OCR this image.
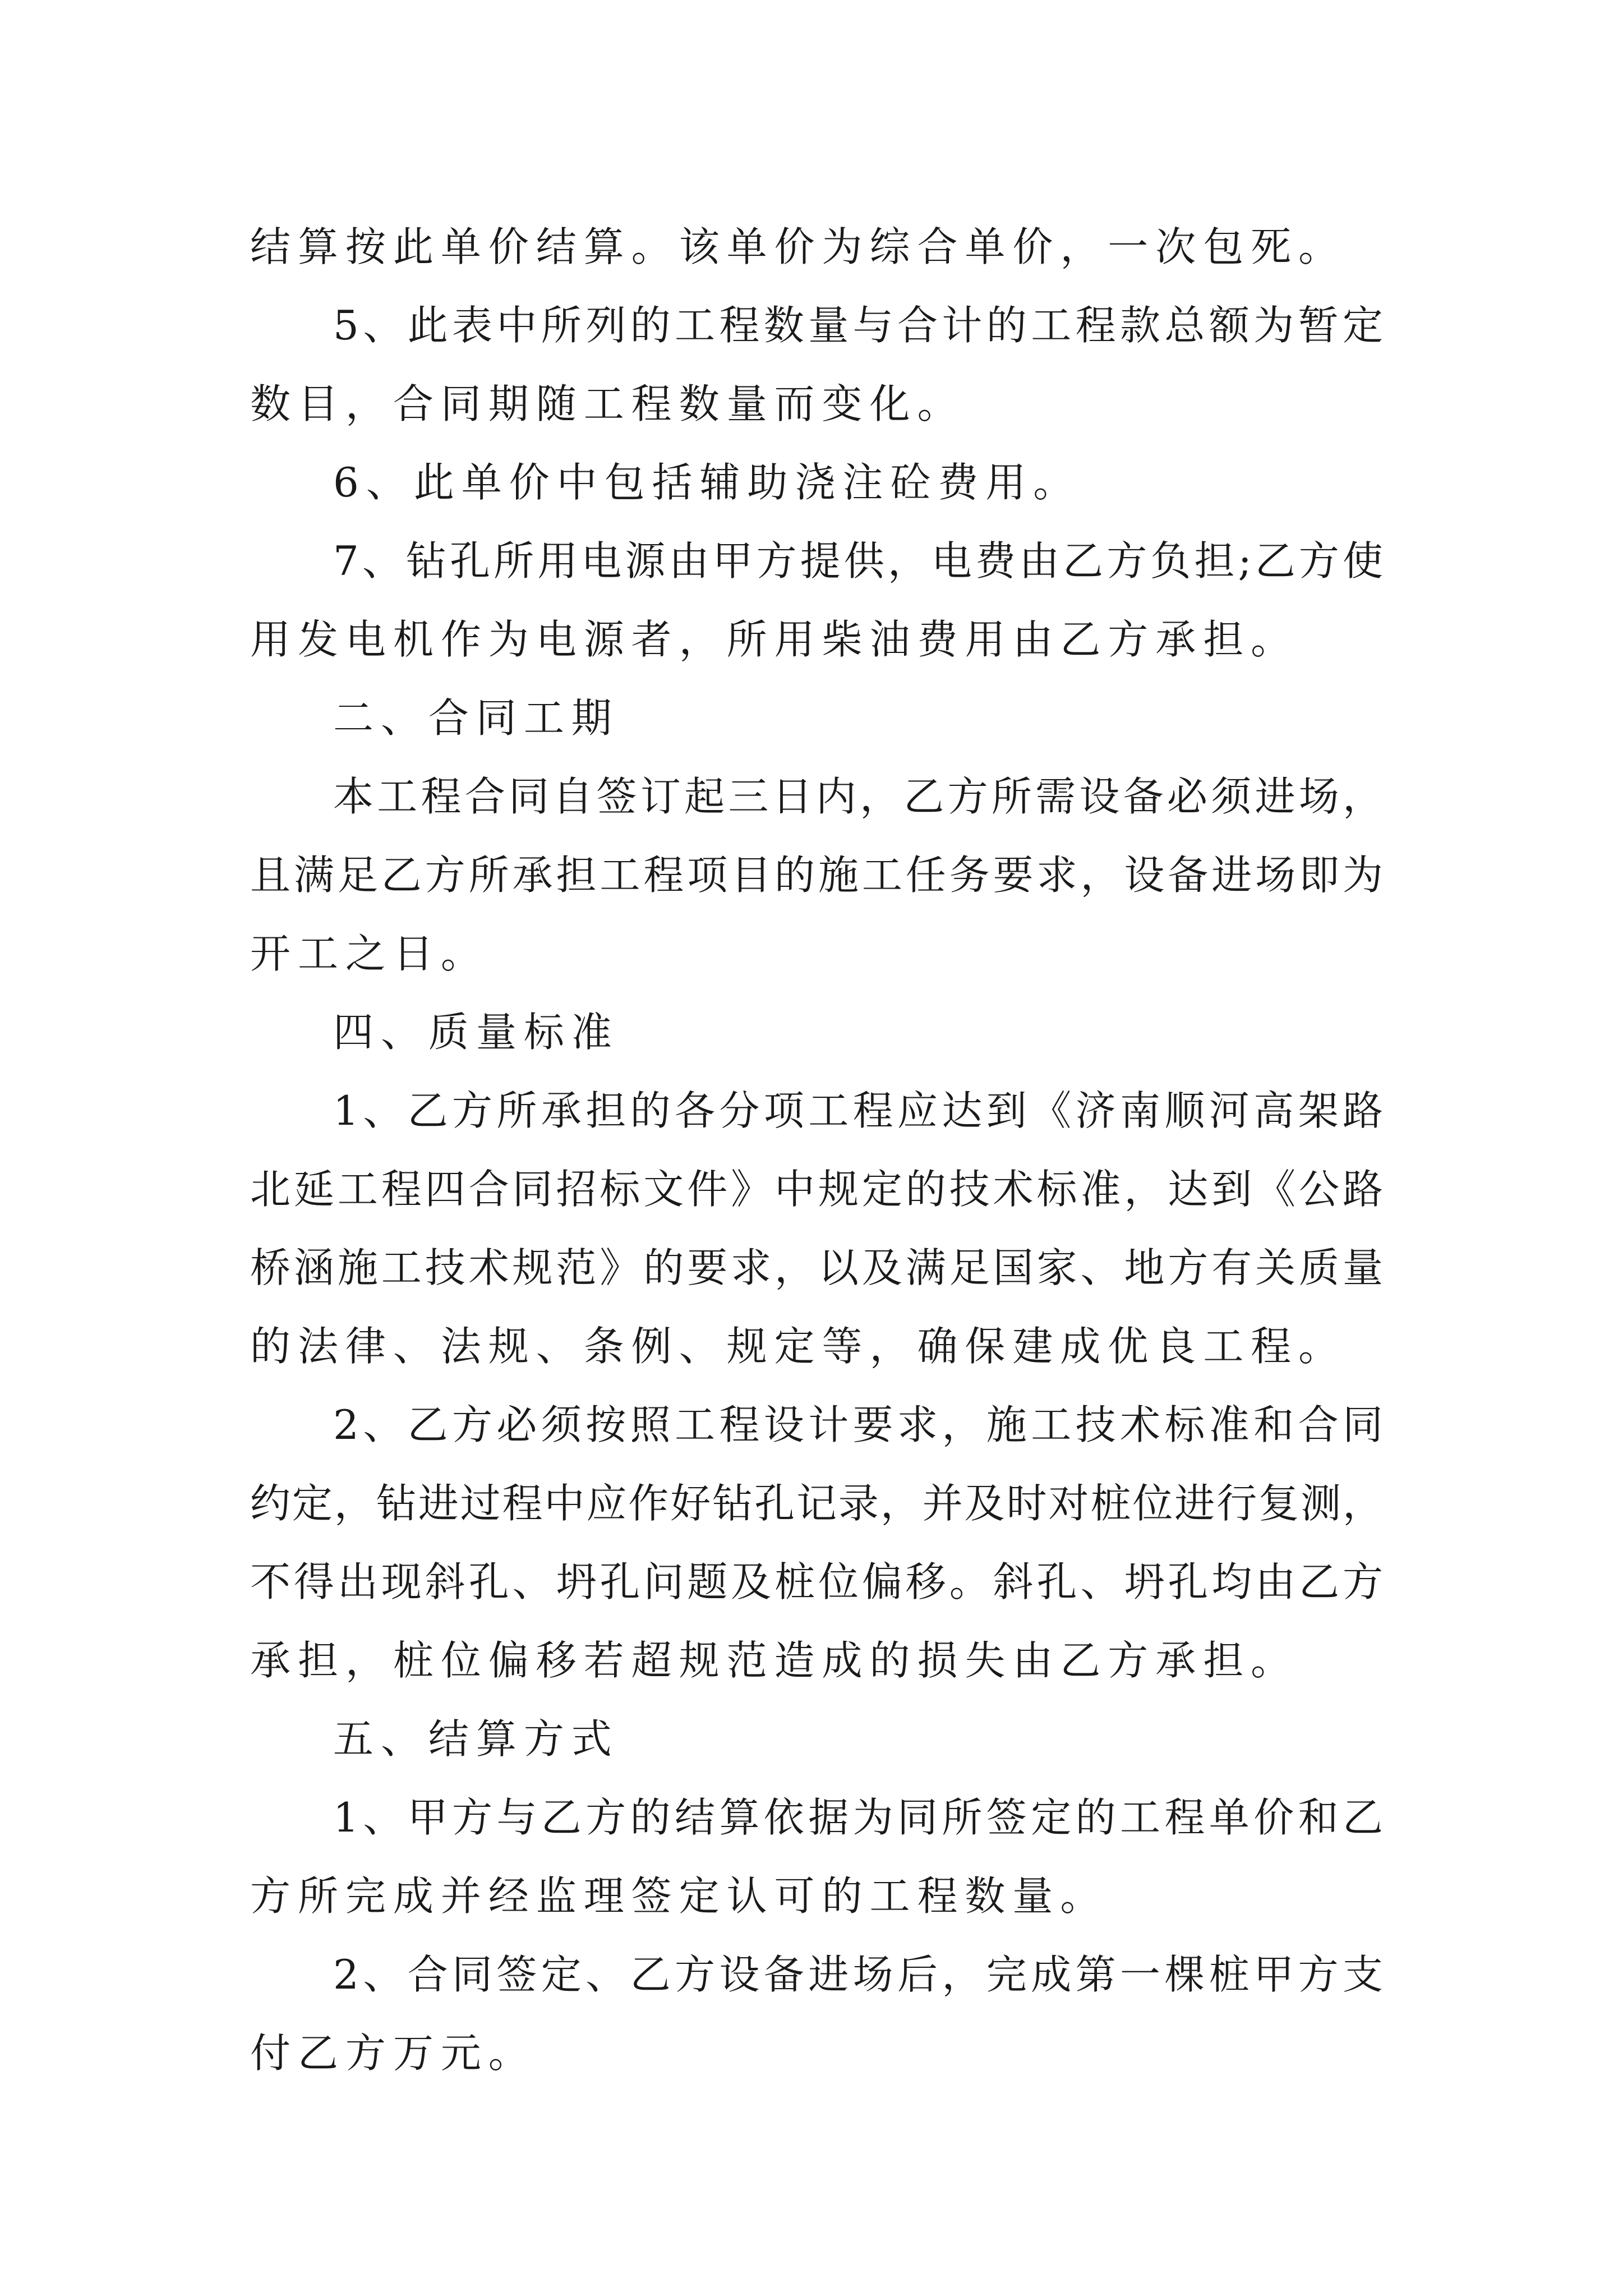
结算按此单价结算。该单价为综合单价，一次包死。
5、此表中所列的工程数量与合计的工程款总额为暂定
数目，合同期随工程数量而变化。
6、此单价中包括辅助浇注砼费用。
7、钻孔所用电源由甲方提供，电费由乙方负担;乙方使
用发电机作为电源者，所用柴油费用由乙方承担。
二、合同工期
本工程合同自签订起三日内，乙方所需设备必须进场，
且满足乙方所承担工程项目的施工任务要求，设备进场即为
开工之日。
四、质量标准
1、乙方所承担的各分项工程应达到《济南顺河高架路
北延工程四合同招标文件》中规定的技术标准，达到《公路
桥涵施工技术规范》的要求，以及满足国家、地方有关质量
的法律、法规、条例、规定等，确保建成优良工程。
2、乙方必须按照工程设计要求，施工技术标准和合同
约定，钻进过程中应作好钻孔记录，并及时对桩位进行复测，
不得出现斜孔、坍孔问题及桩位偏移。斜孔、坍孔均由乙方
承担，桩位偏移若超规范造成的损失由乙方承担。
五、结算方式
1、甲方与乙方的结算依据为同所签定的工程单价和乙
方所完成并经监理签定认可的工程数量。
2、合同签定、乙方设备进场后，完成第一棵桩甲方支
付乙方万元。
